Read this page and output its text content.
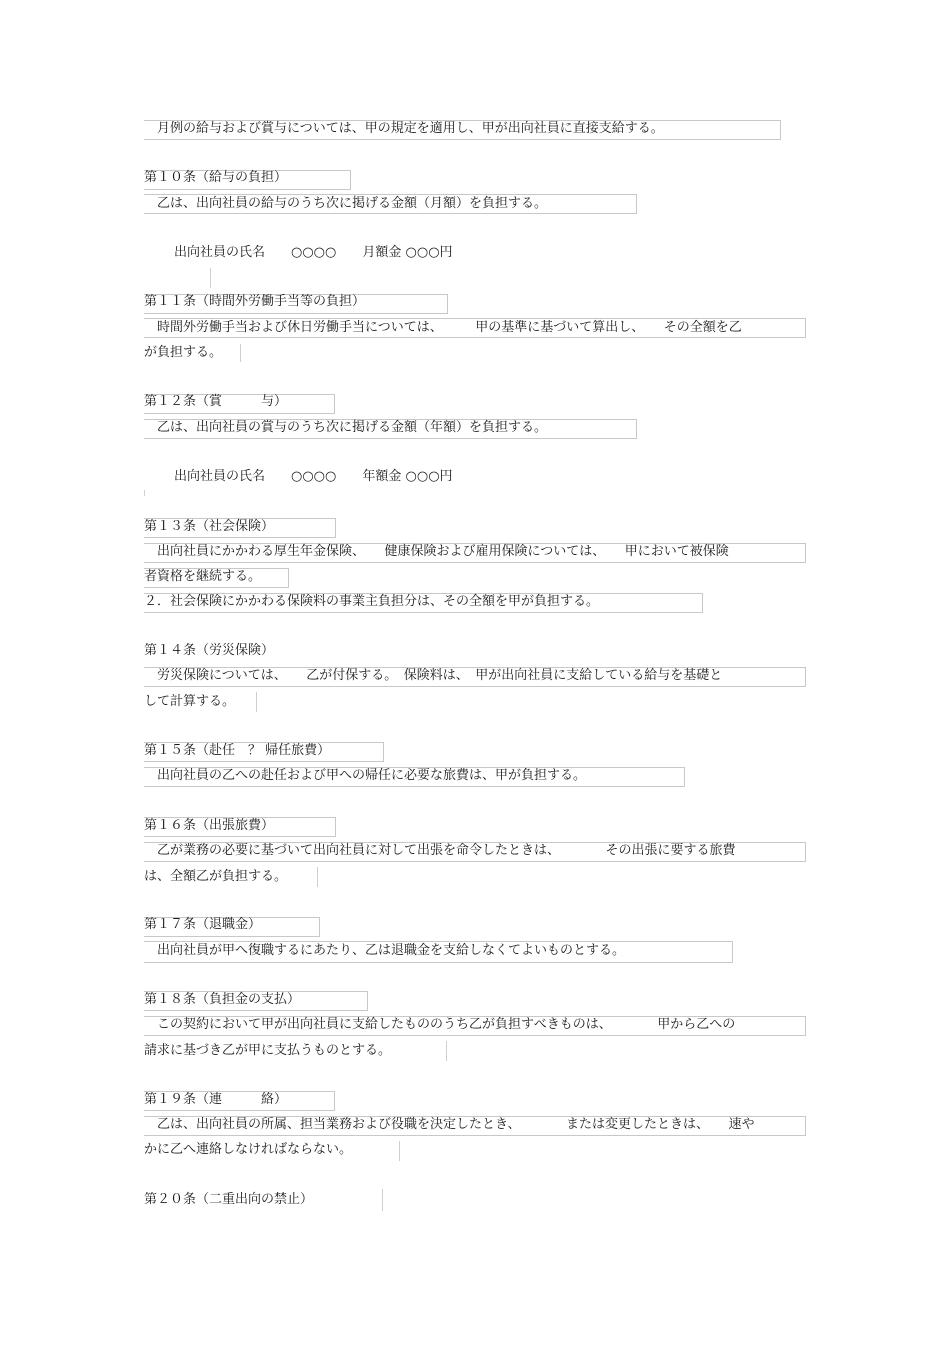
　月例の給与および賞与については、甲の規定を適用し、甲が出向社員に直接支給する。
第１０条（給与の負担）
　乙は、出向社員の給与のうち次に掲げる金額（月額）を負担する。
出向社員の氏名　　○○○○　　月額金 ○○○円
第１１条（時間外労働手当等の負担）
　時間外労働手当および休日労働手当については、　　　甲の基準に基づいて算出し、　　その全額を乙
が負担する。
第１２条（賞　　　与）
　乙は、出向社員の賞与のうち次に掲げる金額（年額）を負担する。
出向社員の氏名　　○○○○　　年額金 ○○○円
第１３条（社会保険）
　出向社員にかかわる厚生年金保険、　　健康保険および雇用保険については、　　甲において被保険
者資格を継続する。
２．社会保険にかかわる保険料の事業主負担分は、その全額を甲が負担する。
第１４条（労災保険）
　労災保険については、　　乙が付保する。　保険料は、　甲が出向社員に支給している給与を基礎と
して計算する。
第１５条（赴任　？ 帰任旅費）
　出向社員の乙への赴任および甲への帰任に必要な旅費は、甲が負担する。
第１６条（出張旅費）
　乙が業務の必要に基づいて出向社員に対して出張を命令したときは、　　　　その出張に要する旅費
は、全額乙が負担する。
第１７条（退職金）
　出向社員が甲へ復職するにあたり、乙は退職金を支給しなくてよいものとする。
第１８条（負担金の支払）
　この契約において甲が出向社員に支給したもののうち乙が負担すべきものは、　　　　甲から乙への
請求に基づき乙が甲に支払うものとする。
第１９条（連　　　絡）
　乙は、出向社員の所属、担当業務および役職を決定したとき、　　　　または変更したときは、　　速や
かに乙へ連絡しなければならない。
第２０条（二重出向の禁止）
